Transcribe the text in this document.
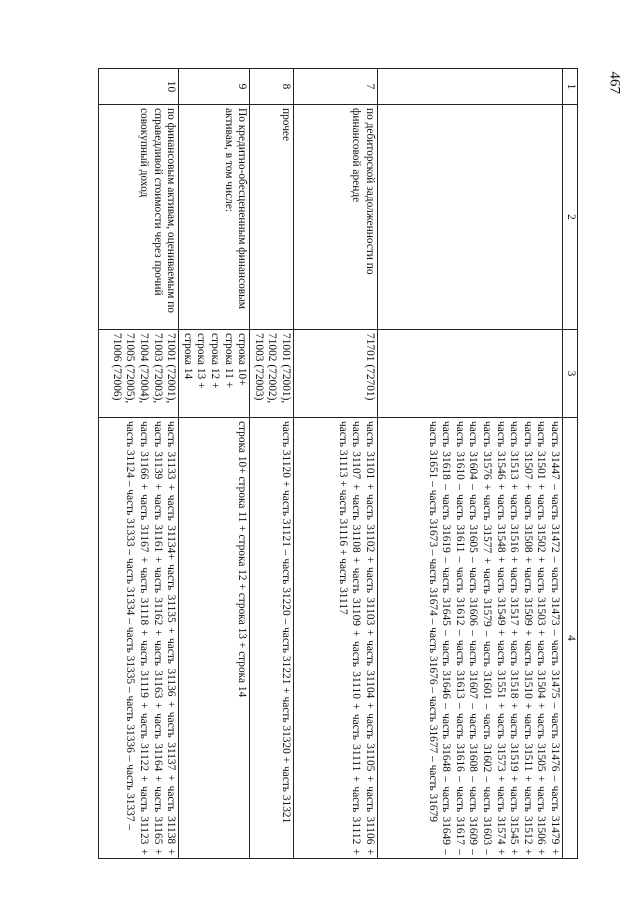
467
1	2	3	4
			часть 31447 – часть 31472 – часть 31473 – часть 31475 – часть 31476 – часть 31479 + часть 31501 + часть 31502 + часть 31503 + часть 31504 + часть 31505 + часть 31506 + часть 31507 + часть 31508 + часть 31509 + часть 31510 + часть 31511 + часть 31512 + часть 31513 + часть 31516 + часть 31517 + часть 31518 + часть 31519 + часть 31545 + часть 31546 + часть 31548 + часть 31549 + часть 31551 + часть 31573 + часть 31574 + часть 31576 + часть 31577 + часть 31579 – часть 31601 – часть 31602 – часть 31603 – часть 31604 – часть 31605 – часть 31606 – часть 31607 – часть 31608 – часть 31609 – часть 31610 – часть 31611 – часть 31612 – часть 31613 – часть 31616 – часть 31617 – часть 31618 – часть 31619 – часть 31645 – часть 31646 – часть 31648 – часть 31649 – часть 31651 – часть 31673 – часть 31674 – часть 31676 – часть 31677 – часть 31679
7	по дебиторской задолженности по финансовой аренде	71701 (72701)	часть 31101 + часть 31102 + часть 31103 + часть 31104 + часть 31105 + часть 31106 + часть 31107 + часть 31108 + часть 31109 + часть 31110 + часть 31111 + часть 31112 + часть 31113 + часть 31116 + часть 31117
8	прочее	71001 (72001), 71002 (72002), 71003 (72003)	часть 31120 + часть 31121 – часть 31220 – часть 31221 + часть 31320 + часть 31321
9	По кредитно-обесцененным финансовым активам, в том числе:	строка 10+ строка 11 + строка 12 + строка 13 + строка 14	строка 10+ строка 11 + строка 12 + строка 13 + строка 14
10	по финансовым активам, оцениваемым по справедливой стоимости через прочий совокупный доход	71001 (72001), 71003 (72003), 71004 (72004), 71005 (72005), 71006 (72006)	часть 31133 + часть 31134+ часть 31135 + часть 31136 + часть 31137 + часть 31138 + часть 31139 + часть 31161 + часть 31162 + часть 31163 + часть 31164 + часть 31165 + часть 31166 + часть 31167 + часть 31118 + часть 31119 + часть 31122 + часть 31123 + часть 31124 – часть 31333 – часть 31334 – часть 31335 – часть 31336 – часть 31337 –
